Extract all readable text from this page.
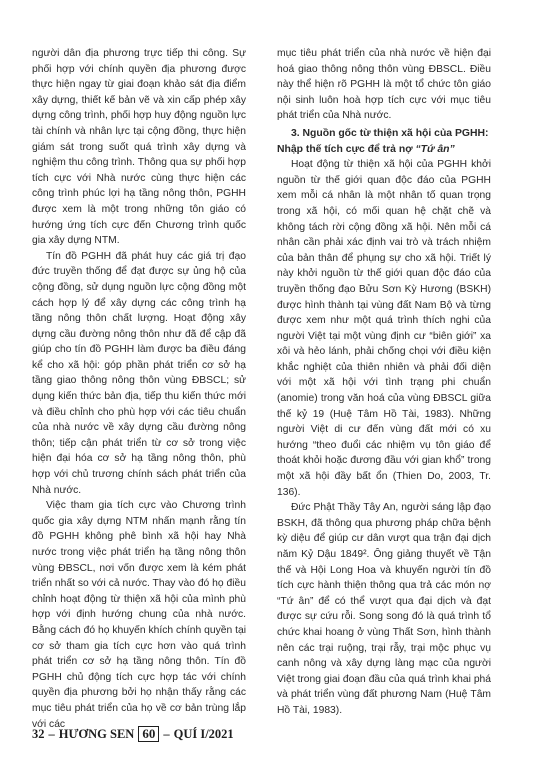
người dân địa phương trực tiếp thi công. Sự phối hợp với chính quyền địa phương được thực hiện ngay từ giai đoạn khảo sát địa điểm xây dựng, thiết kế bản vẽ và xin cấp phép xây dựng công trình, phối hợp huy động nguồn lực tài chính và nhân lực tại cộng đồng, thực hiện giám sát trong suốt quá trình xây dựng và nghiệm thu công trình. Thông qua sự phối hợp tích cực với Nhà nước cùng thực hiện các công trình phúc lợi hạ tầng nông thôn, PGHH được xem là một trong những tôn giáo có hướng ứng tích cực đến Chương trình quốc gia xây dựng NTM.

Tín đồ PGHH đã phát huy các giá trị đạo đức truyền thống để đạt được sự ủng hộ của cộng đồng, sử dụng nguồn lực cộng đồng một cách hợp lý để xây dựng các công trình hạ tầng nông thôn chất lượng. Hoạt động xây dựng cầu đường nông thôn như đã để cập đã giúp cho tín đồ PGHH làm được ba điều đáng kể cho xã hội: góp phần phát triển cơ sở hạ tầng giao thông nông thôn vùng ĐBSCL; sử dụng kiến thức bản địa, tiếp thu kiến thức mới và điều chỉnh cho phù hợp với các tiêu chuẩn của nhà nước về xây dựng cầu đường nông thôn; tiếp cận phát triển từ cơ sở trong việc hiện đại hóa cơ sở hạ tầng nông thôn, phù hợp với chủ trương chính sách phát triển của Nhà nước.

Việc tham gia tích cực vào Chương trình quốc gia xây dựng NTM nhấn mạnh rằng tín đồ PGHH không phê bình xã hội hay Nhà nước trong việc phát triển hạ tầng nông thôn vùng ĐBSCL, nơi vốn được xem là kém phát triển nhất so với cả nước. Thay vào đó họ điều chỉnh hoạt động từ thiện xã hội của mình phù hợp với định hướng chung của nhà nước. Bằng cách đó họ khuyến khích chính quyền tại cơ sở tham gia tích cực hơn vào quá trình phát triển cơ sở hạ tầng nông thôn. Tín đồ PGHH chủ động tích cực hợp tác với chính quyền địa phương bởi họ nhận thấy rằng các mục tiêu phát triển của họ về cơ bản trùng lắp với các

mục tiêu phát triển của nhà nước về hiện đại hoá giao thông nông thôn vùng ĐBSCL. Điều này thể hiện rõ PGHH là một tổ chức tôn giáo nội sinh luôn hoà hợp tích cực với mục tiêu phát triển của Nhà nước.

3. Nguồn gốc từ thiện xã hội của PGHH: Nhập thế tích cực để trả nợ “Tứ ân”

Hoạt động từ thiện xã hội của PGHH khởi nguồn từ thế giới quan độc đáo của PGHH xem mỗi cá nhân là một nhân tố quan trọng trong xã hội, có mối quan hệ chặt chẽ và không tách rời cộng đồng xã hội. Nên mỗi cá nhân cần phải xác định vai trò và trách nhiệm của bản thân để phụng sự cho xã hội. Triết lý này khởi nguồn từ thế giới quan độc đáo của truyền thống đạo Bửu Sơn Kỳ Hương (BSKH) được hình thành tại vùng đất Nam Bộ và từng được xem như một quá trình thích nghi của người Việt tại một vùng định cư “biên giới” xa xôi và hẻo lánh, phải chống chọi với điều kiện khắc nghiệt của thiên nhiên và phải đối diện với một xã hội với tình trạng phi chuẩn (anomie) trong văn hoá của vùng ĐBSCL giữa thế kỷ 19 (Huệ Tâm Hồ Tài, 1983). Những người Việt di cư đến vùng đất mới có xu hướng “theo đuổi các nhiệm vụ tôn giáo để thoát khỏi hoặc đương đầu với gian khổ” trong một xã hội đầy bất ổn (Thien Do, 2003, Tr. 136).

Đức Phật Thầy Tây An, người sáng lập đạo BSKH, đã thông qua phương pháp chữa bệnh kỳ diệu để giúp cư dân vượt qua trận đại dịch năm Kỷ Dậu 1849². Ông giảng thuyết về Tận thế và Hội Long Hoa và khuyến người tín đồ tích cực hành thiện thông qua trả các món nợ “Tứ ân” để có thể vượt qua đại dịch và đạt được sự cứu rỗi. Song song đó là quá trình tổ chức khai hoang ở vùng Thất Sơn, hình thành nên các trại ruộng, trại rẫy, trại mộc phục vụ canh nông và xây dựng làng mạc của người Việt trong giai đoạn đầu của quá trình khai phá và phát triển vùng đất phương Nam (Huệ Tâm Hồ Tài, 1983).

32 – HƯƠNG SEN 60 – QUÍ I/2021
